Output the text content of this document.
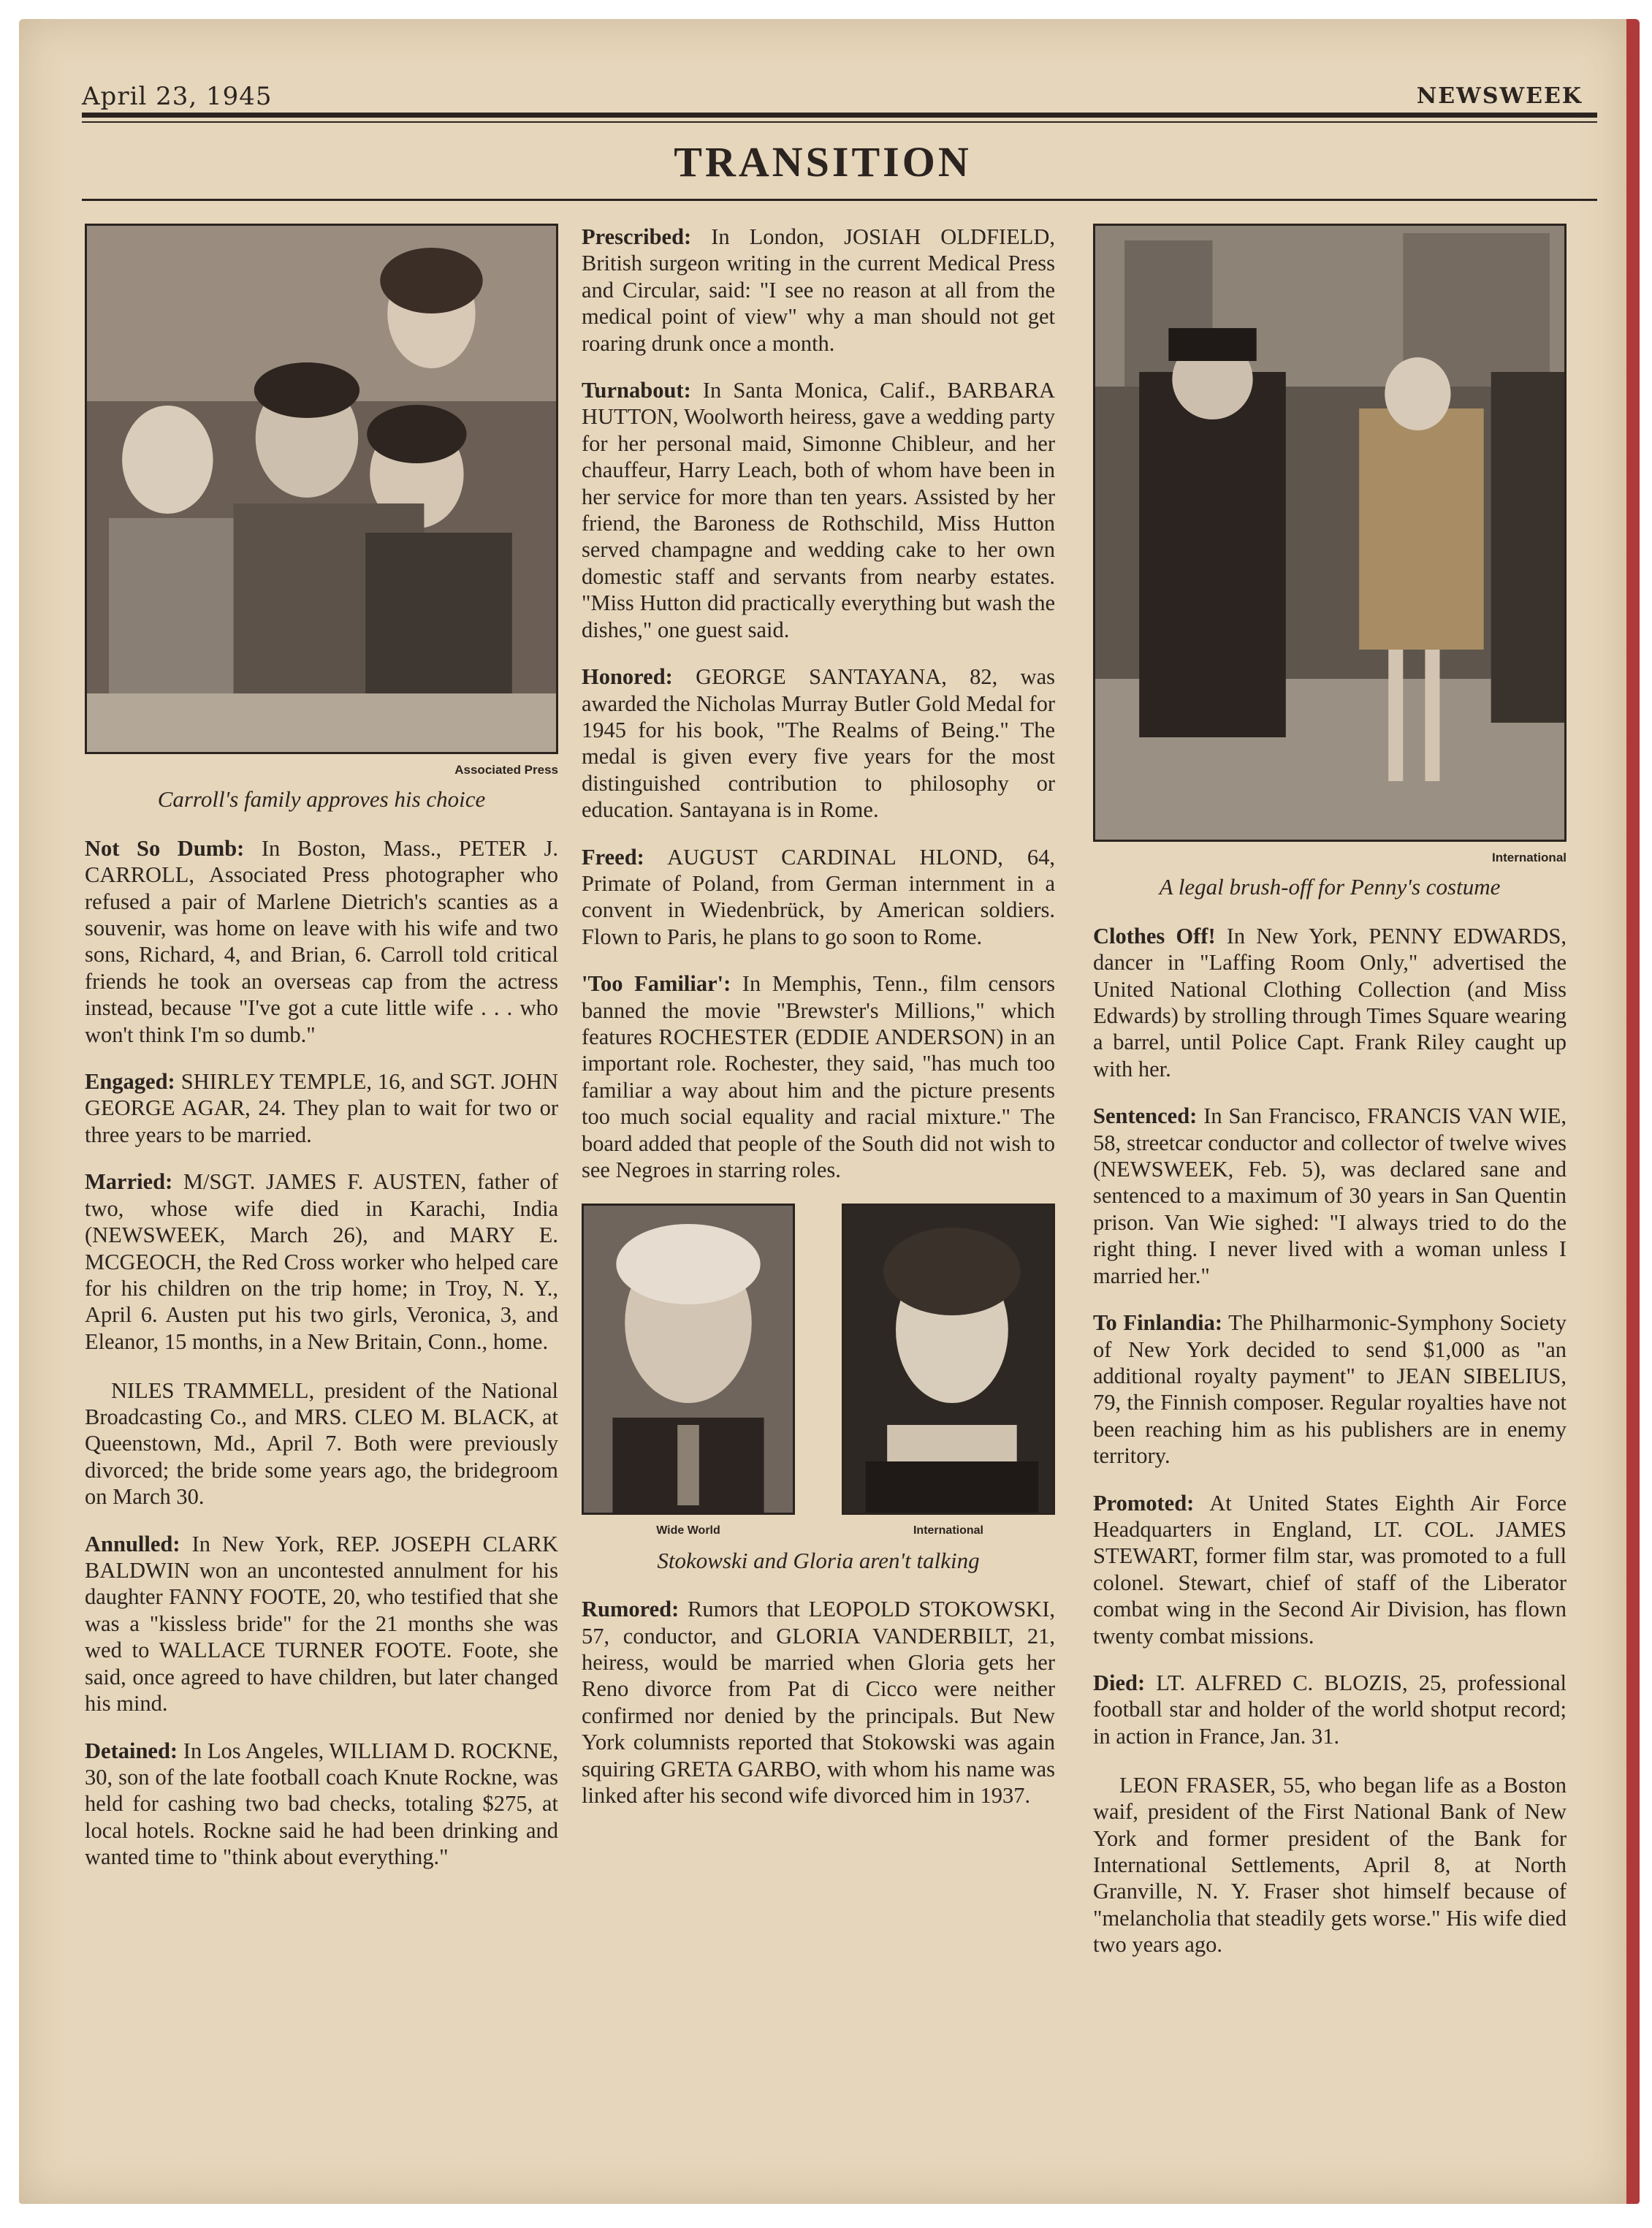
April 23, 1945	NEWSWEEK
TRANSITION
Associated Press
Carroll's family approves his choice

Not So Dumb: In Boston, Mass., PETER J. CARROLL, Associated Press photographer who refused a pair of Marlene Dietrich's scanties as a souvenir, was home on leave with his wife and two sons, Richard, 4, and Brian, 6. Carroll told critical friends he took an overseas cap from the actress instead, because "I've got a cute little wife . . . who won't think I'm so dumb."

Engaged: SHIRLEY TEMPLE, 16, and SGT. JOHN GEORGE AGAR, 24. They plan to wait for two or three years to be married.

Married: M/SGT. JAMES F. AUSTEN, father of two, whose wife died in Karachi, India (NEWSWEEK, March 26), and MARY E. MCGEOCH, the Red Cross worker who helped care for his children on the trip home; in Troy, N. Y., April 6. Austen put his two girls, Veronica, 3, and Eleanor, 15 months, in a New Britain, Conn., home.

NILES TRAMMELL, president of the National Broadcasting Co., and MRS. CLEO M. BLACK, at Queenstown, Md., April 7. Both were previously divorced; the bride some years ago, the bridegroom on March 30.

Annulled: In New York, REP. JOSEPH CLARK BALDWIN won an uncontested annulment for his daughter FANNY FOOTE, 20, who testified that she was a "kissless bride" for the 21 months she was wed to WALLACE TURNER FOOTE. Foote, she said, once agreed to have children, but later changed his mind.

Detained: In Los Angeles, WILLIAM D. ROCKNE, 30, son of the late football coach Knute Rockne, was held for cashing two bad checks, totaling $275, at local hotels. Rockne said he had been drinking and wanted time to "think about everything."

Prescribed: In London, JOSIAH OLDFIELD, British surgeon writing in the current Medical Press and Circular, said: "I see no reason at all from the medical point of view" why a man should not get roaring drunk once a month.

Turnabout: In Santa Monica, Calif., BARBARA HUTTON, Woolworth heiress, gave a wedding party for her personal maid, Simonne Chibleur, and her chauffeur, Harry Leach, both of whom have been in her service for more than ten years. Assisted by her friend, the Baroness de Rothschild, Miss Hutton served champagne and wedding cake to her own domestic staff and servants from nearby estates. "Miss Hutton did practically everything but wash the dishes," one guest said.

Honored: GEORGE SANTAYANA, 82, was awarded the Nicholas Murray Butler Gold Medal for 1945 for his book, "The Realms of Being." The medal is given every five years for the most distinguished contribution to philosophy or education. Santayana is in Rome.

Freed: AUGUST CARDINAL HLOND, 64, Primate of Poland, from German internment in a convent in Wiedenbrück, by American soldiers. Flown to Paris, he plans to go soon to Rome.

'Too Familiar': In Memphis, Tenn., film censors banned the movie "Brewster's Millions," which features ROCHESTER (EDDIE ANDERSON) in an important role. Rochester, they said, "has much too familiar a way about him and the picture presents too much social equality and racial mixture." The board added that people of the South did not wish to see Negroes in starring roles.

Wide World	International
Stokowski and Gloria aren't talking

Rumored: Rumors that LEOPOLD STOKOWSKI, 57, conductor, and GLORIA VANDERBILT, 21, heiress, would be married when Gloria gets her Reno divorce from Pat di Cicco were neither confirmed nor denied by the principals. But New York columnists reported that Stokowski was again squiring GRETA GARBO, with whom his name was linked after his second wife divorced him in 1937.

International
A legal brush-off for Penny's costume

Clothes Off! In New York, PENNY EDWARDS, dancer in "Laffing Room Only," advertised the United National Clothing Collection (and Miss Edwards) by strolling through Times Square wearing a barrel, until Police Capt. Frank Riley caught up with her.

Sentenced: In San Francisco, FRANCIS VAN WIE, 58, streetcar conductor and collector of twelve wives (NEWSWEEK, Feb. 5), was declared sane and sentenced to a maximum of 30 years in San Quentin prison. Van Wie sighed: "I always tried to do the right thing. I never lived with a woman unless I married her."

To Finlandia: The Philharmonic-Symphony Society of New York decided to send $1,000 as "an additional royalty payment" to JEAN SIBELIUS, 79, the Finnish composer. Regular royalties have not been reaching him as his publishers are in enemy territory.

Promoted: At United States Eighth Air Force Headquarters in England, LT. COL. JAMES STEWART, former film star, was promoted to a full colonel. Stewart, chief of staff of the Liberator combat wing in the Second Air Division, has flown twenty combat missions.

Died: LT. ALFRED C. BLOZIS, 25, professional football star and holder of the world shotput record; in action in France, Jan. 31.

LEON FRASER, 55, who began life as a Boston waif, president of the First National Bank of New York and former president of the Bank for International Settlements, April 8, at North Granville, N. Y. Fraser shot himself because of "melancholia that steadily gets worse." His wife died two years ago.
